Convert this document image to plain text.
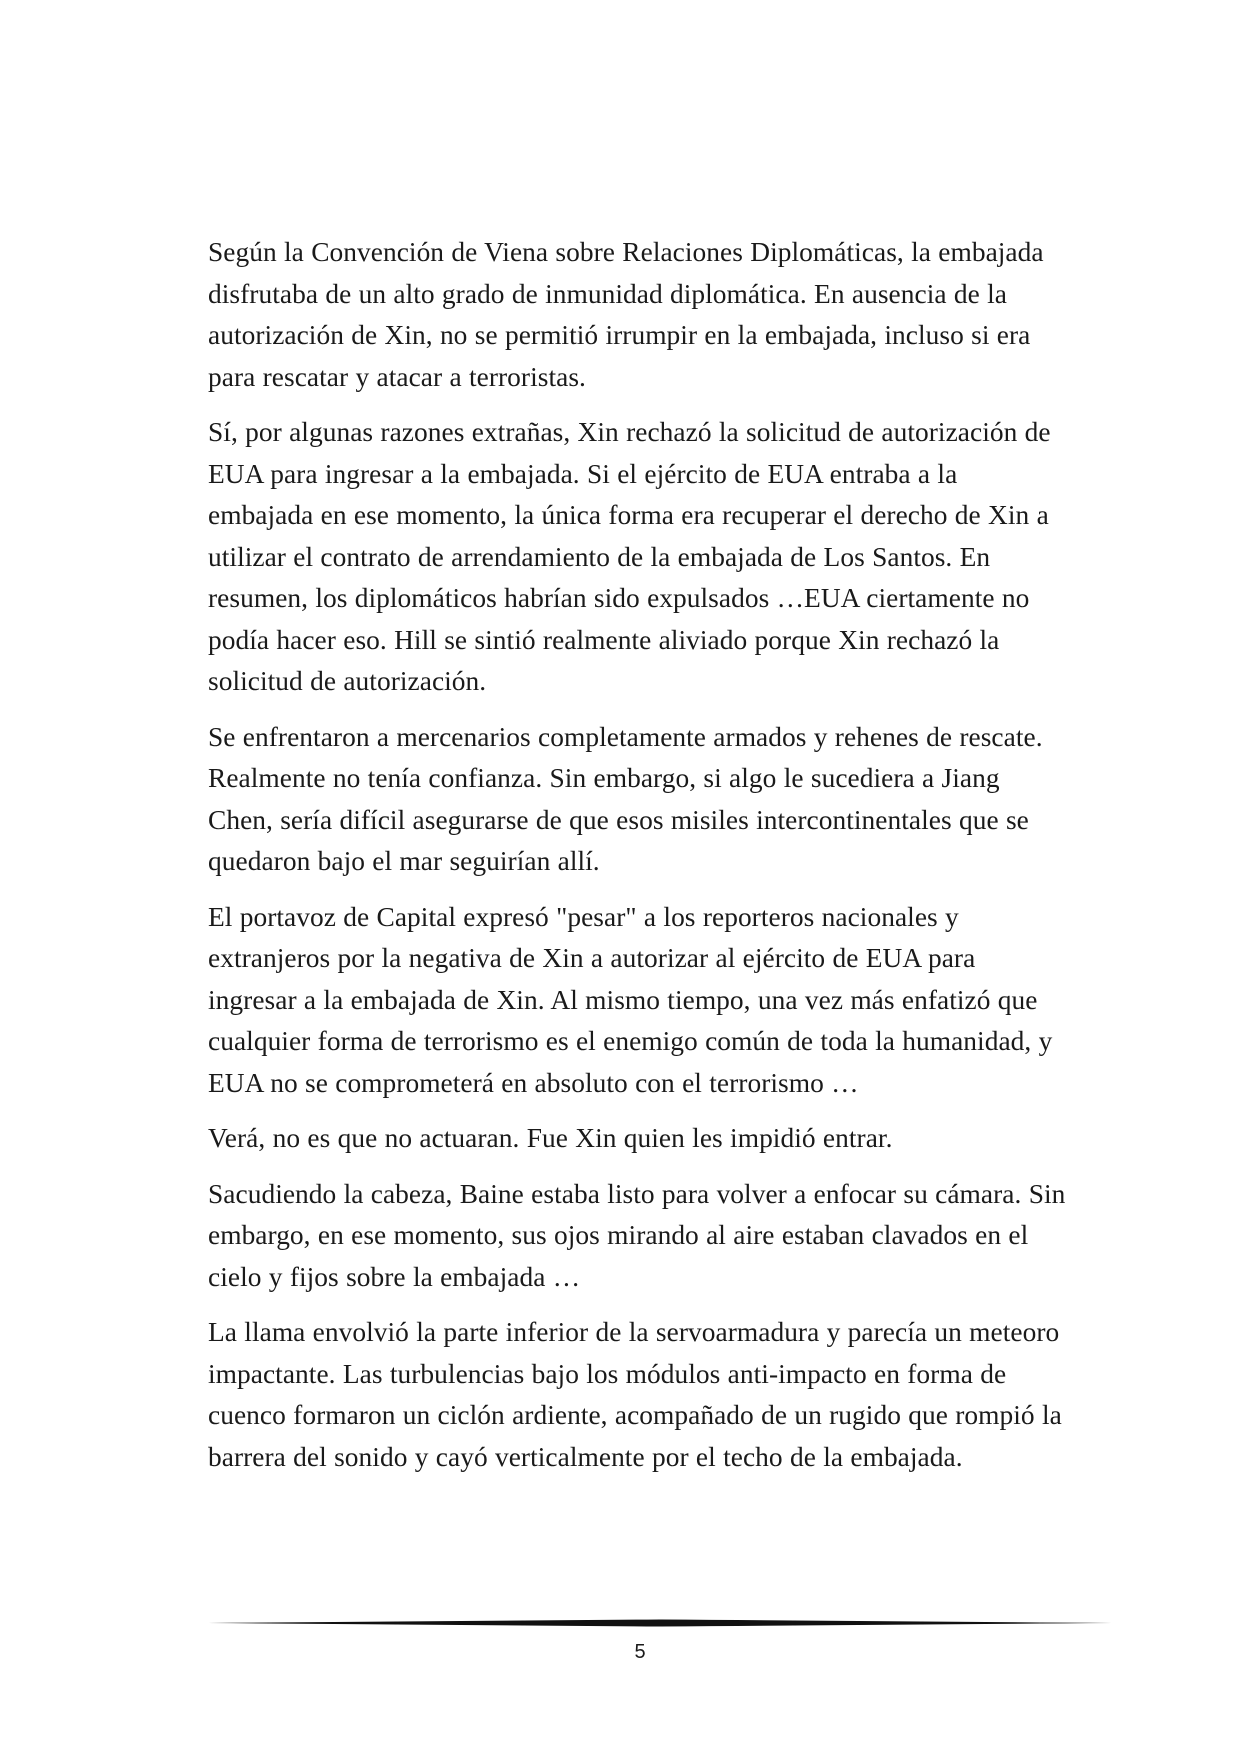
Según la Convención de Viena sobre Relaciones Diplomáticas, la embajada disfrutaba de un alto grado de inmunidad diplomática. En ausencia de la autorización de Xin, no se permitió irrumpir en la embajada, incluso si era para rescatar y atacar a terroristas.

Sí, por algunas razones extrañas, Xin rechazó la solicitud de autorización de EUA para ingresar a la embajada. Si el ejército de EUA entraba a la embajada en ese momento, la única forma era recuperar el derecho de Xin a utilizar el contrato de arrendamiento de la embajada de Los Santos. En resumen, los diplomáticos habrían sido expulsados …EUA ciertamente no podía hacer eso. Hill se sintió realmente aliviado porque Xin rechazó la solicitud de autorización.

Se enfrentaron a mercenarios completamente armados y rehenes de rescate. Realmente no tenía confianza. Sin embargo, si algo le sucediera a Jiang Chen, sería difícil asegurarse de que esos misiles intercontinentales que se quedaron bajo el mar seguirían allí.

El portavoz de Capital expresó "pesar" a los reporteros nacionales y extranjeros por la negativa de Xin a autorizar al ejército de EUA para ingresar a la embajada de Xin. Al mismo tiempo, una vez más enfatizó que cualquier forma de terrorismo es el enemigo común de toda la humanidad, y EUA no se comprometerá en absoluto con el terrorismo …

Verá, no es que no actuaran. Fue Xin quien les impidió entrar.

Sacudiendo la cabeza, Baine estaba listo para volver a enfocar su cámara. Sin embargo, en ese momento, sus ojos mirando al aire estaban clavados en el cielo y fijos sobre la embajada …

La llama envolvió la parte inferior de la servoarmadura y parecía un meteoro impactante. Las turbulencias bajo los módulos anti-impacto en forma de cuenco formaron un ciclón ardiente, acompañado de un rugido que rompió la barrera del sonido y cayó verticalmente por el techo de la embajada.

5
